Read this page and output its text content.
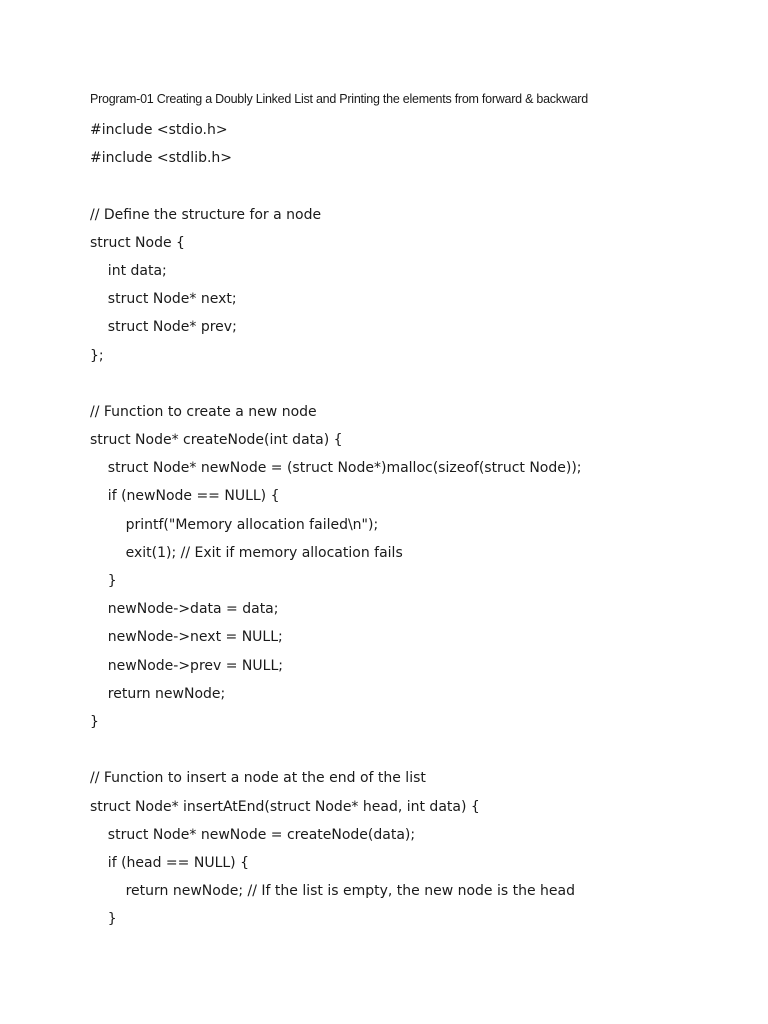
Program-01 Creating a Doubly Linked List and Printing the elements from forward & backward
#include <stdio.h>
#include <stdlib.h>
// Define the structure for a node
struct Node {
int data;
struct Node* next;
struct Node* prev;
};
// Function to create a new node
struct Node* createNode(int data) {
struct Node* newNode = (struct Node*)malloc(sizeof(struct Node));
if (newNode == NULL) {
printf("Memory allocation failed\n");
exit(1); // Exit if memory allocation fails
}
newNode->data = data;
newNode->next = NULL;
newNode->prev = NULL;
return newNode;
}
// Function to insert a node at the end of the list
struct Node* insertAtEnd(struct Node* head, int data) {
struct Node* newNode = createNode(data);
if (head == NULL) {
return newNode; // If the list is empty, the new node is the head
}
